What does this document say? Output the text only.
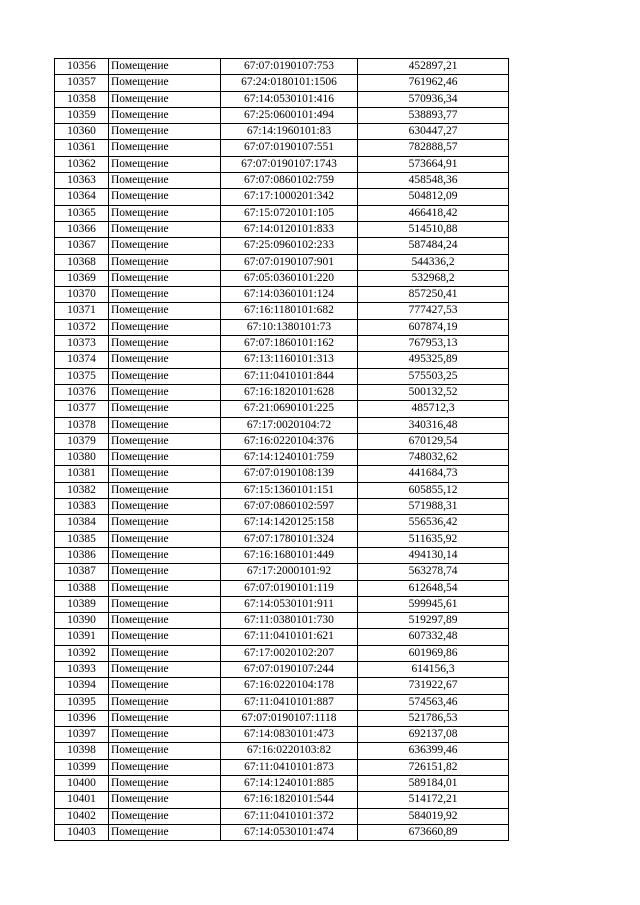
10356	Помещение	67:07:0190107:753	452897,21
10357	Помещение	67:24:0180101:1506	761962,46
10358	Помещение	67:14:0530101:416	570936,34
10359	Помещение	67:25:0600101:494	538893,77
10360	Помещение	67:14:1960101:83	630447,27
10361	Помещение	67:07:0190107:551	782888,57
10362	Помещение	67:07:0190107:1743	573664,91
10363	Помещение	67:07:0860102:759	458548,36
10364	Помещение	67:17:1000201:342	504812,09
10365	Помещение	67:15:0720101:105	466418,42
10366	Помещение	67:14:0120101:833	514510,88
10367	Помещение	67:25:0960102:233	587484,24
10368	Помещение	67:07:0190107:901	544336,2
10369	Помещение	67:05:0360101:220	532968,2
10370	Помещение	67:14:0360101:124	857250,41
10371	Помещение	67:16:1180101:682	777427,53
10372	Помещение	67:10:1380101:73	607874,19
10373	Помещение	67:07:1860101:162	767953,13
10374	Помещение	67:13:1160101:313	495325,89
10375	Помещение	67:11:0410101:844	575503,25
10376	Помещение	67:16:1820101:628	500132,52
10377	Помещение	67:21:0690101:225	485712,3
10378	Помещение	67:17:0020104:72	340316,48
10379	Помещение	67:16:0220104:376	670129,54
10380	Помещение	67:14:1240101:759	748032,62
10381	Помещение	67:07:0190108:139	441684,73
10382	Помещение	67:15:1360101:151	605855,12
10383	Помещение	67:07:0860102:597	571988,31
10384	Помещение	67:14:1420125:158	556536,42
10385	Помещение	67:07:1780101:324	511635,92
10386	Помещение	67:16:1680101:449	494130,14
10387	Помещение	67:17:2000101:92	563278,74
10388	Помещение	67:07:0190101:119	612648,54
10389	Помещение	67:14:0530101:911	599945,61
10390	Помещение	67:11:0380101:730	519297,89
10391	Помещение	67:11:0410101:621	607332,48
10392	Помещение	67:17:0020102:207	601969,86
10393	Помещение	67:07:0190107:244	614156,3
10394	Помещение	67:16:0220104:178	731922,67
10395	Помещение	67:11:0410101:887	574563,46
10396	Помещение	67:07:0190107:1118	521786,53
10397	Помещение	67:14:0830101:473	692137,08
10398	Помещение	67:16:0220103:82	636399,46
10399	Помещение	67:11:0410101:873	726151,82
10400	Помещение	67:14:1240101:885	589184,01
10401	Помещение	67:16:1820101:544	514172,21
10402	Помещение	67:11:0410101:372	584019,92
10403	Помещение	67:14:0530101:474	673660,89
